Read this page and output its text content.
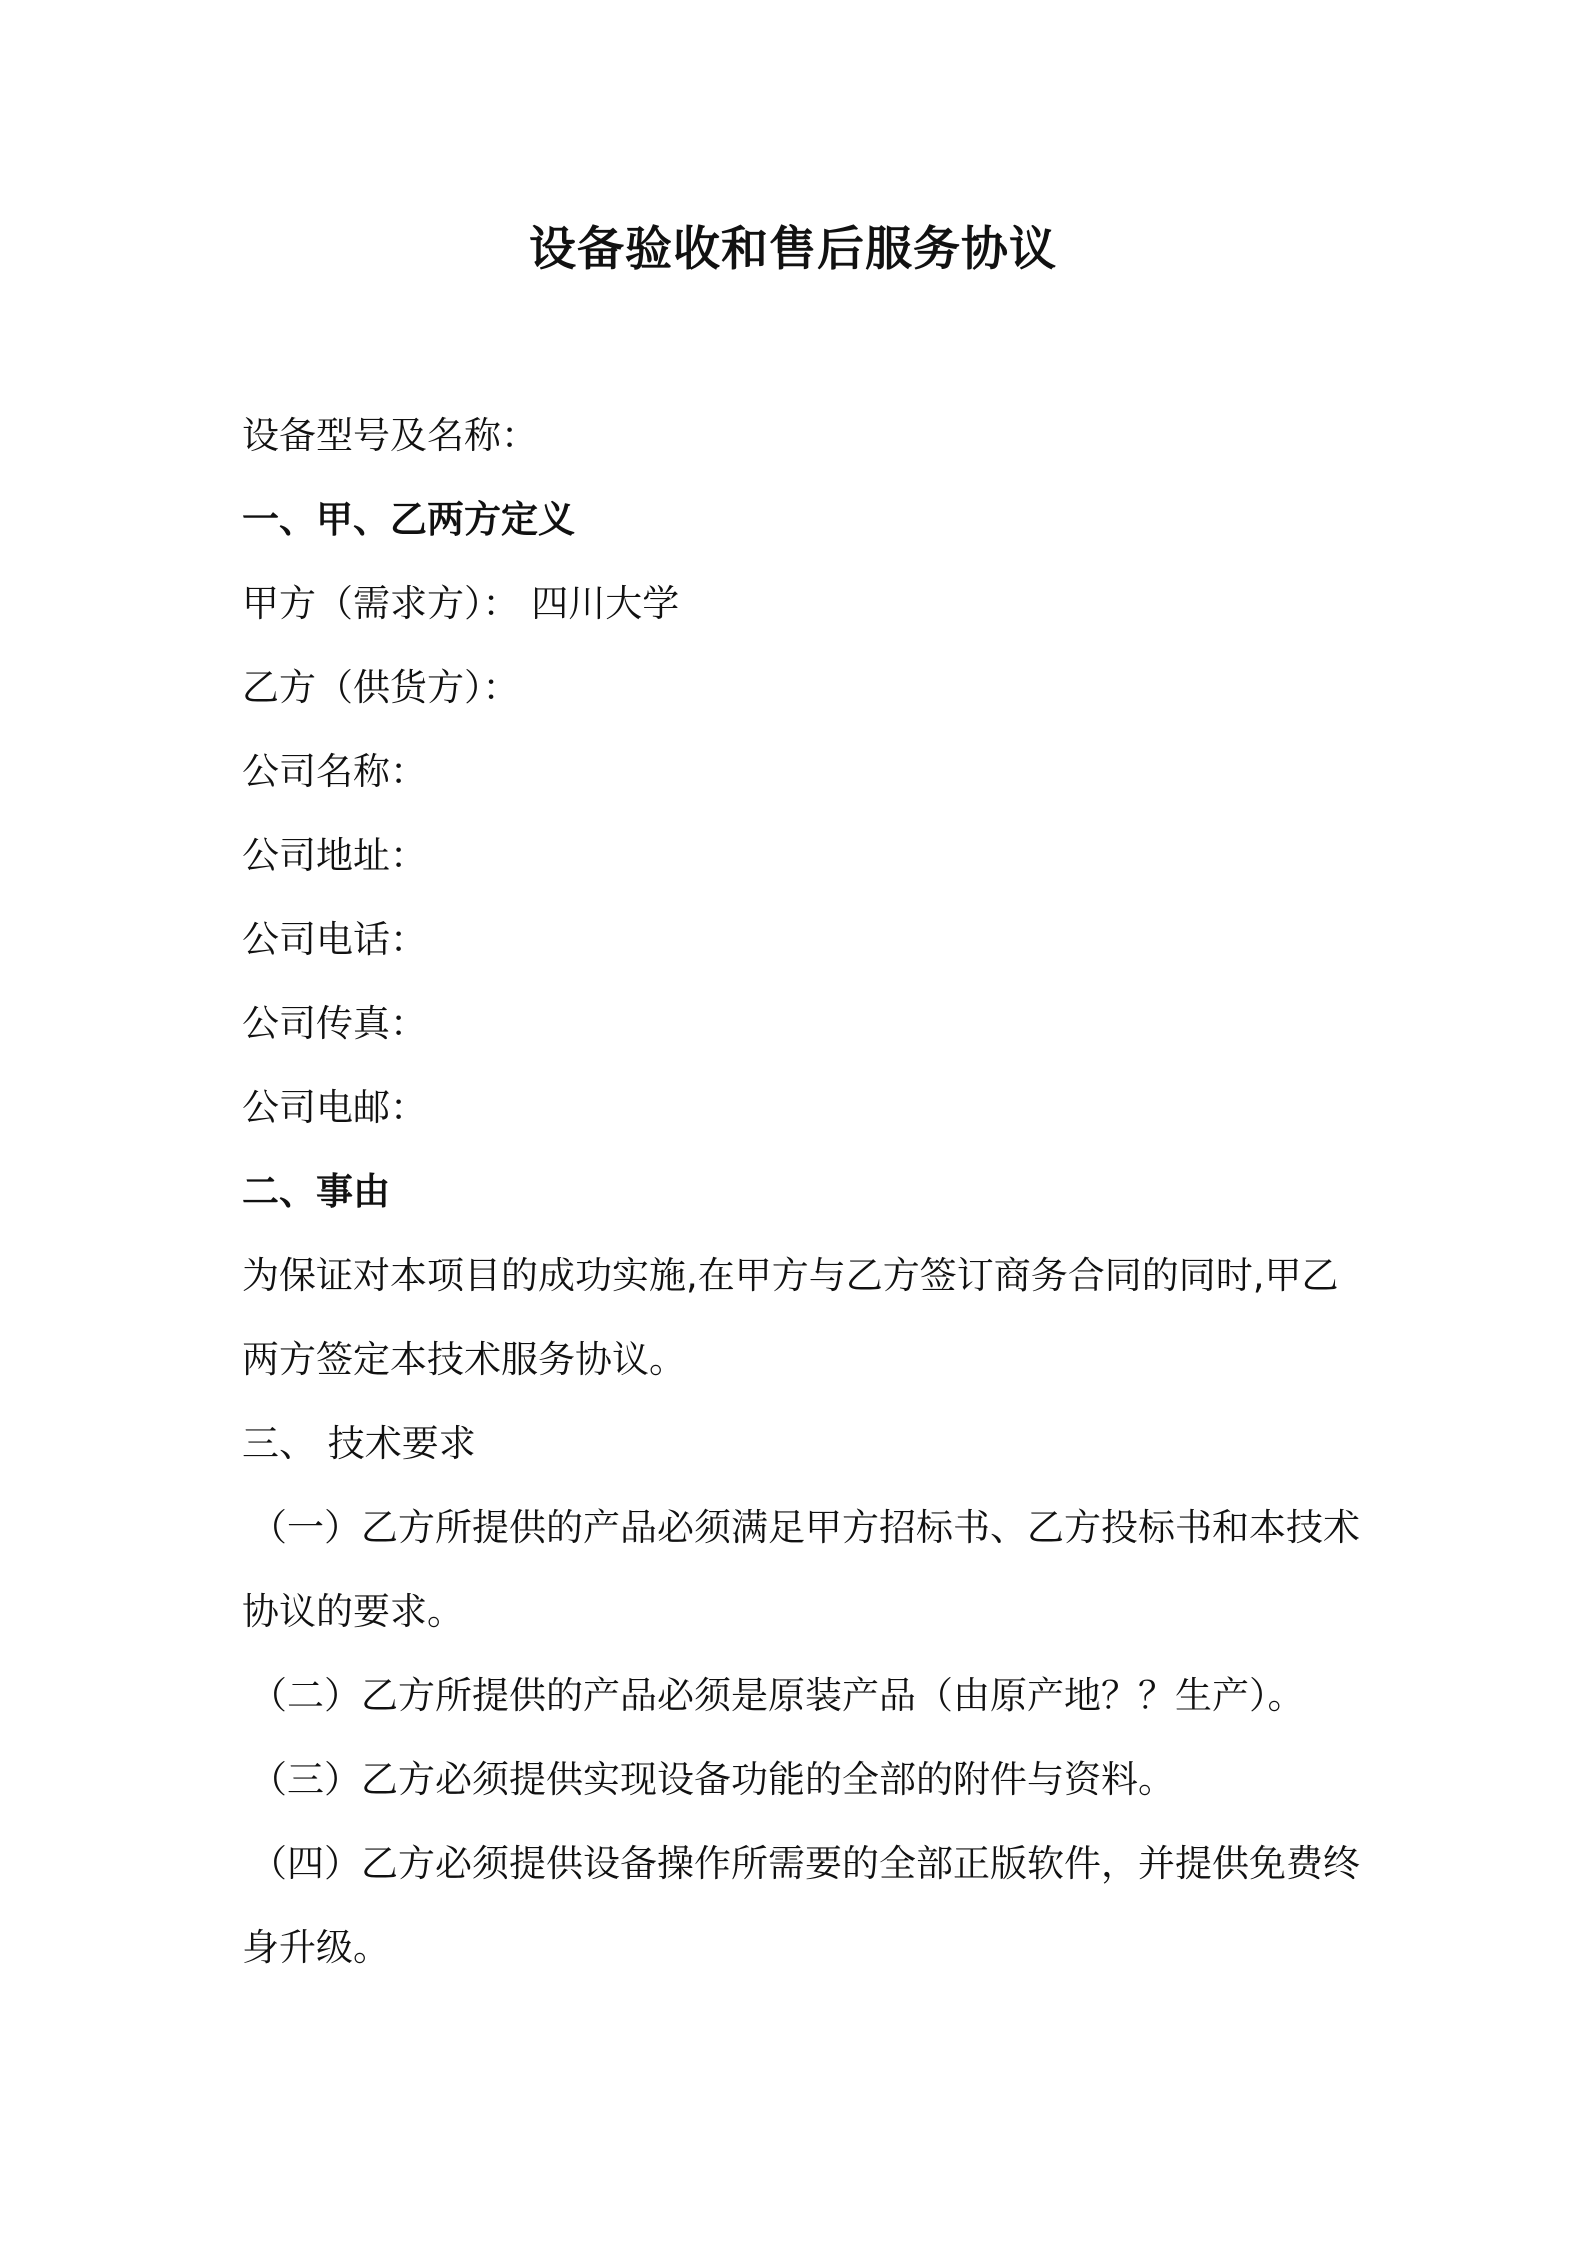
设备验收和售后服务协议
设备型号及名称：
一、甲、乙两方定义
甲方（需求方）： 四川大学
乙方（供货方）：
公司名称：
公司地址：
公司电话：
公司传真：
公司电邮：
二、事由
为保证对本项目的成功实施,在甲方与乙方签订商务合同的同时,甲乙
两方签定本技术服务协议。
三、 技术要求
（一）乙方所提供的产品必须满足甲方招标书、乙方投标书和本技术
协议的要求。
（二）乙方所提供的产品必须是原装产品（由原产地？？生产）。
（三）乙方必须提供实现设备功能的全部的附件与资料。
（四）乙方必须提供设备操作所需要的全部正版软件，并提供免费终
身升级。
